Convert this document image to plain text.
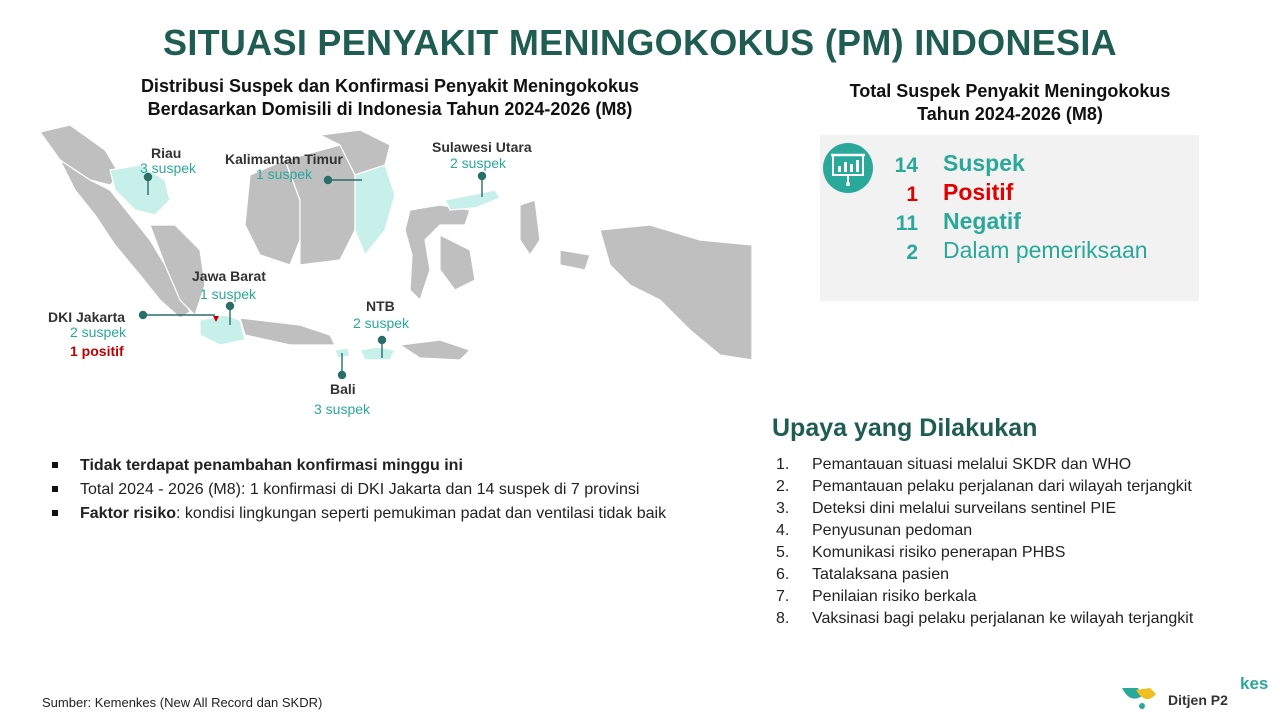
SITUASI PENYAKIT MENINGOKOKUS (PM) INDONESIA
Distribusi Suspek dan Konfirmasi Penyakit Meningokokus
Berdasarkan Domisili di Indonesia Tahun 2024-2026 (M8)
Riau
3 suspek
Kalimantan Timur
1 suspek
Sulawesi Utara
2 suspek
Jawa Barat
1 suspek
DKI Jakarta
2 suspek
1 positif
NTB
2 suspek
Bali
3 suspek
Total Suspek Penyakit Meningokokus
Tahun 2024-2026 (M8)
14 Suspek
1 Positif
11 Negatif
2 Dalam pemeriksaan
Tidak terdapat penambahan konfirmasi minggu ini
Total 2024 - 2026 (M8): 1 konfirmasi di DKI Jakarta dan 14 suspek di 7 provinsi
Faktor risiko: kondisi lingkungan seperti pemukiman padat dan ventilasi tidak baik
Upaya yang Dilakukan
1. Pemantauan situasi melalui SKDR dan WHO
2. Pemantauan pelaku perjalanan dari wilayah terjangkit
3. Deteksi dini melalui surveilans sentinel PIE
4. Penyusunan pedoman
5. Komunikasi risiko penerapan PHBS
6. Tatalaksana pasien
7. Penilaian risiko berkala
8. Vaksinasi bagi pelaku perjalanan ke wilayah terjangkit
Sumber: Kemenkes (New All Record dan SKDR)
kes
Ditjen P2
